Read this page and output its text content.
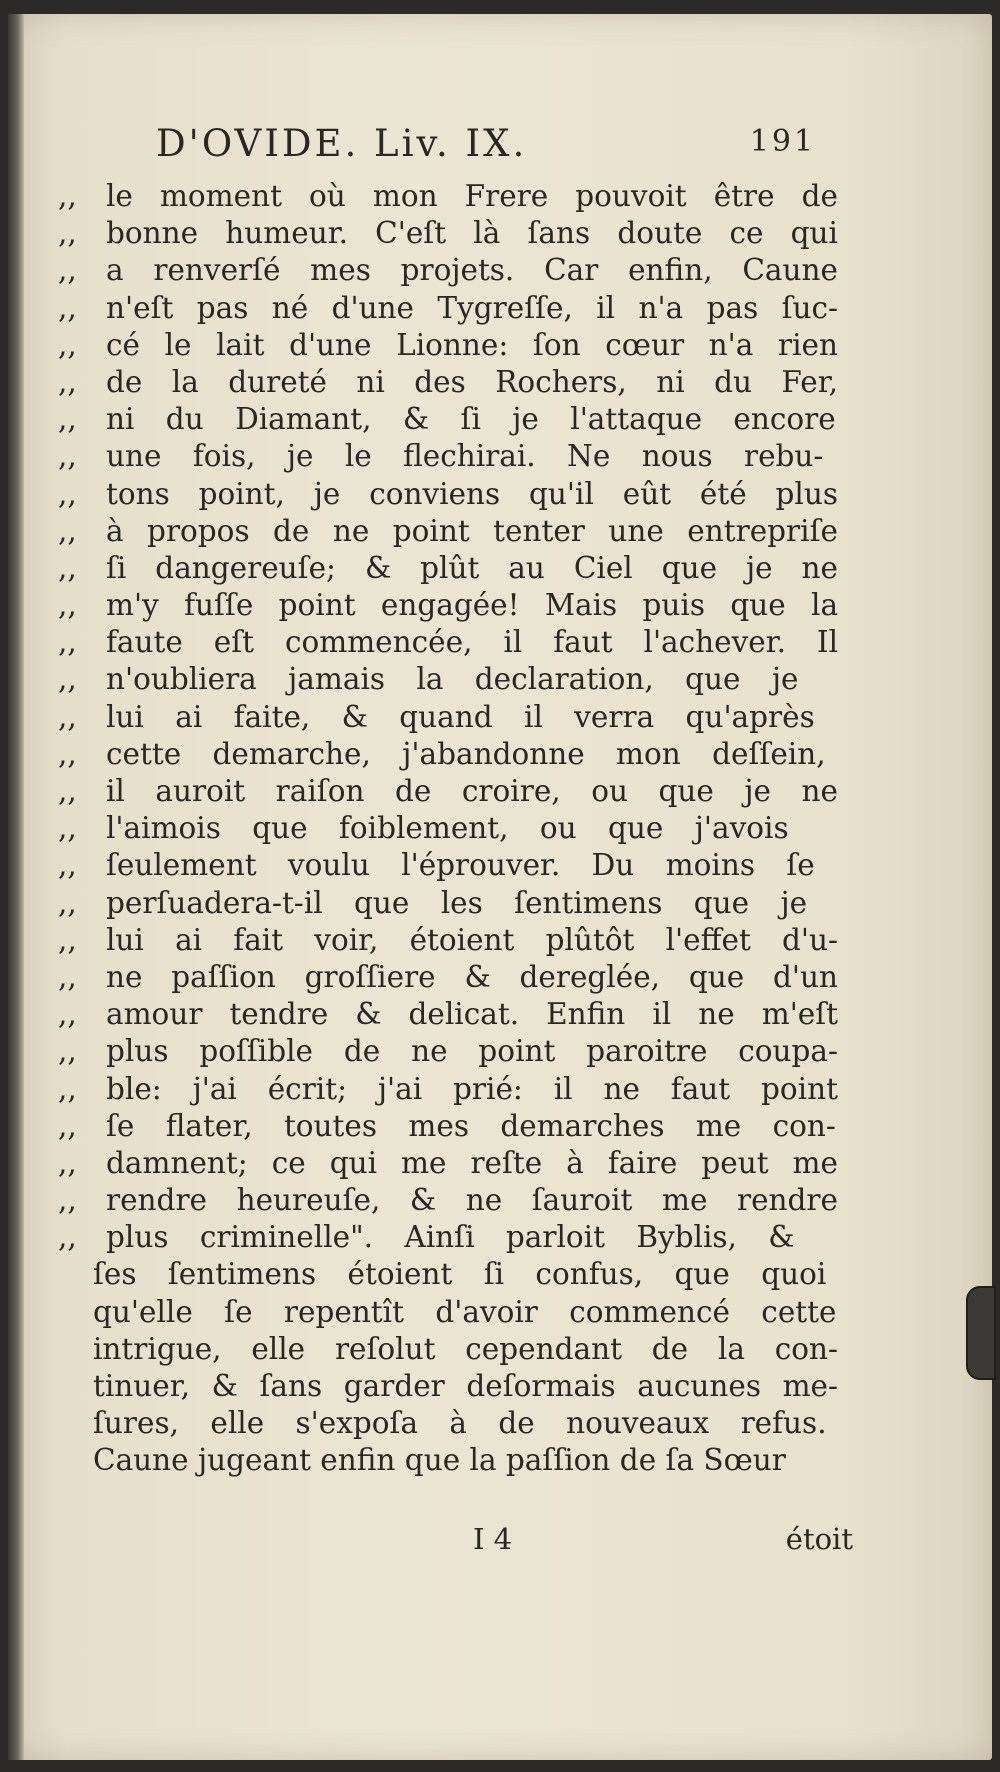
D'OVIDE. Liv. IX.	191
,, le moment où mon Frere pouvoit être de
,, bonne humeur. C'eſt là ſans doute ce qui
,, a renverſé mes projets. Car enfin, Caune
,, n'eſt pas né d'une Tygreſſe, il n'a pas ſuc-
,, cé le lait d'une Lionne: ſon cœur n'a rien
,, de la dureté ni des Rochers, ni du Fer,
,, ni du Diamant, & ſi je l'attaque encore
,, une fois, je le flechirai. Ne nous rebu-
,, tons point, je conviens qu'il eût été plus
,, à propos de ne point tenter une entrepriſe
,, ſi dangereuſe; & plût au Ciel que je ne
,, m'y fuſſe point engagée! Mais puis que la
,, faute eſt commencée, il faut l'achever. Il
,, n'oubliera jamais la declaration, que je
,, lui ai faite, & quand il verra qu'après
,, cette demarche, j'abandonne mon deſſein,
,, il auroit raiſon de croire, ou que je ne
,, l'aimois que foiblement, ou que j'avois
,, ſeulement voulu l'éprouver. Du moins ſe
,, perſuadera-t-il que les ſentimens que je
,, lui ai fait voir, étoient plûtôt l'effet d'u-
,, ne paſſion groſſiere & dereglée, que d'un
,, amour tendre & delicat. Enfin il ne m'eſt
,, plus poſſible de ne point paroitre coupa-
,, ble: j'ai écrit; j'ai prié: il ne faut point
,, ſe flater, toutes mes demarches me con-
,, damnent; ce qui me reſte à faire peut me
,, rendre heureuſe, & ne ſauroit me rendre
,, plus criminelle". Ainſi parloit Byblis, &
ſes ſentimens étoient ſi confus, que quoi
qu'elle ſe repentît d'avoir commencé cette
intrigue, elle reſolut cependant de la con-
tinuer, & ſans garder deſormais aucunes me-
ſures, elle s'expoſa à de nouveaux refus.
Caune jugeant enfin que la paſſion de ſa Sœur
I 4	étoit
